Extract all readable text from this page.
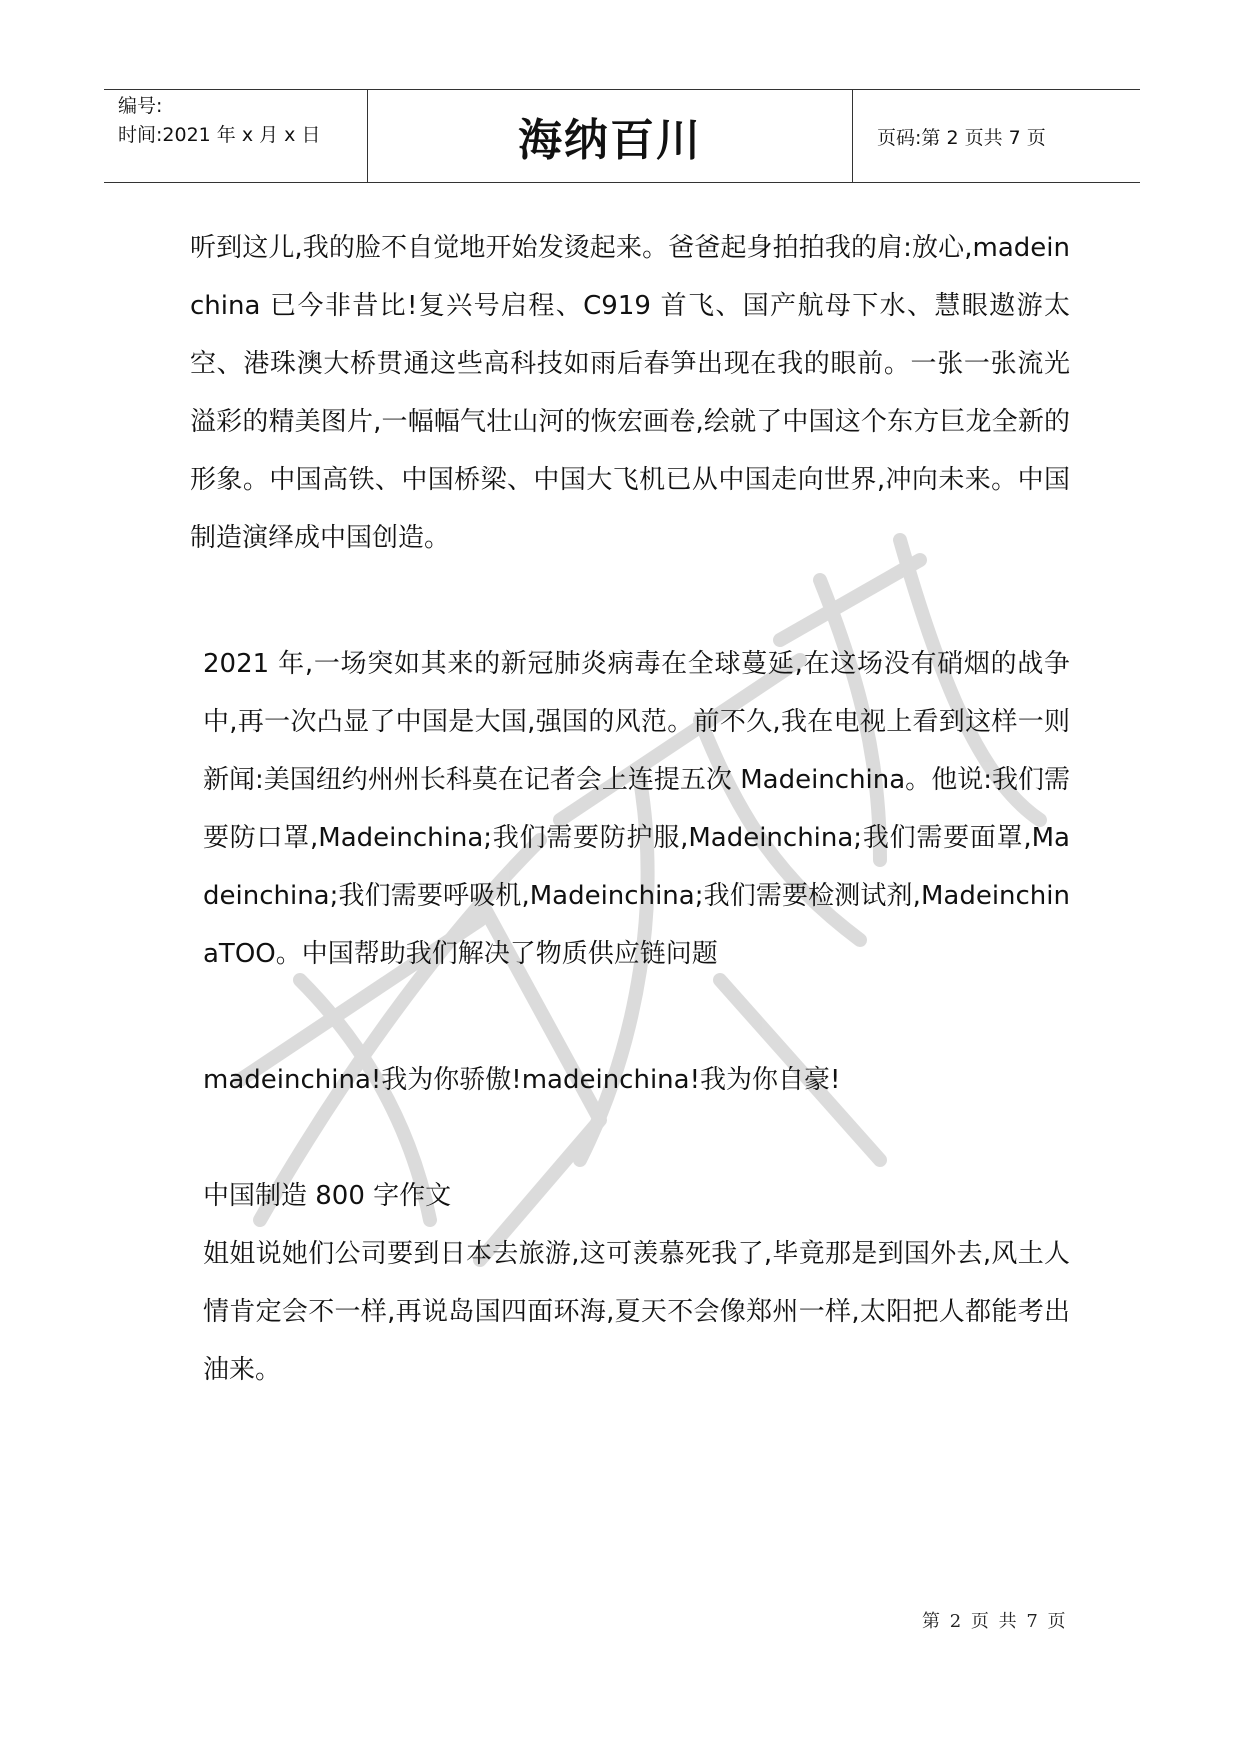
编号:
时间:2021 年 x 月 x 日	海纳百川	页码:第 2 页共 7 页

听到这儿,我的脸不自觉地开始发烫起来。爸爸起身拍拍我的肩:放心,madeinchina 已今非昔比!复兴号启程、C919 首飞、国产航母下水、慧眼遨游太空、港珠澳大桥贯通这些高科技如雨后春笋出现在我的眼前。一张一张流光溢彩的精美图片,一幅幅气壮山河的恢宏画卷,绘就了中国这个东方巨龙全新的形象。中国高铁、中国桥梁、中国大飞机已从中国走向世界,冲向未来。中国制造演绎成中国创造。

2021 年,一场突如其来的新冠肺炎病毒在全球蔓延,在这场没有硝烟的战争中,再一次凸显了中国是大国,强国的风范。前不久,我在电视上看到这样一则新闻:美国纽约州州长科莫在记者会上连提五次 Madeinchina。他说:我们需要防口罩,Madeinchina;我们需要防护服,Madeinchina;我们需要面罩,Madeinchina;我们需要呼吸机,Madeinchina;我们需要检测试剂,MadeinchinaTOO。中国帮助我们解决了物质供应链问题

madeinchina!我为你骄傲!madeinchina!我为你自豪!

中国制造 800 字作文

姐姐说她们公司要到日本去旅游,这可羡慕死我了,毕竟那是到国外去,风土人情肯定会不一样,再说岛国四面环海,夏天不会像郑州一样,太阳把人都能考出油来。

第 2 页 共 7 页
